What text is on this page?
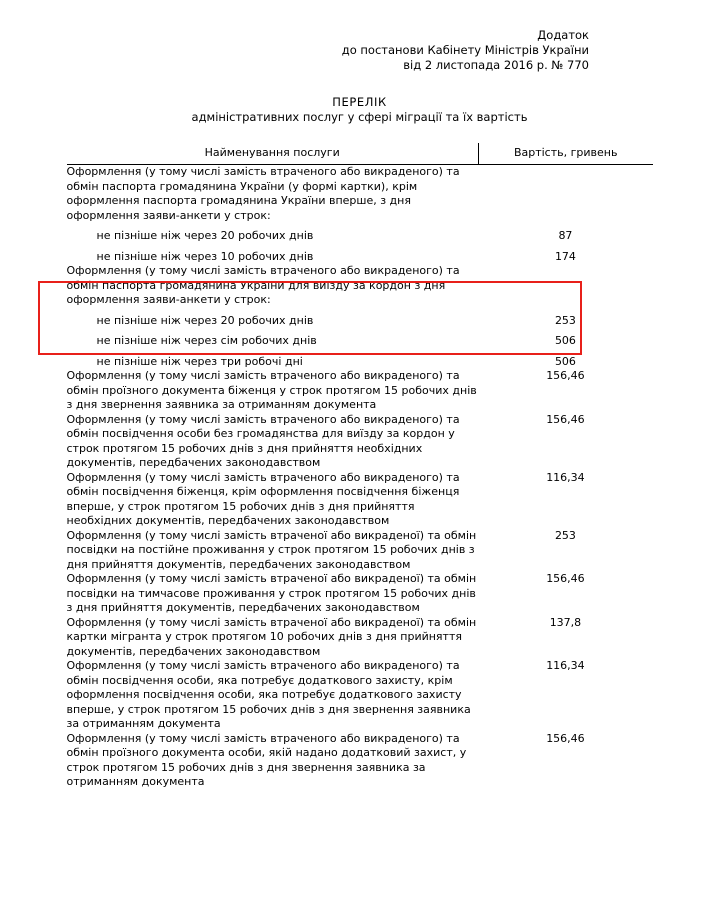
Додаток
до постанови Кабінету Міністрів України
від 2 листопада 2016 р. № 770
ПЕРЕЛІК
адміністративних послуг у сфері міграції та їх вартість
Найменування послуги	Вартість, гривень
Оформлення (у тому числі замість втраченого або викраденого) та обмін паспорта громадянина України (у формі картки), крім оформлення паспорта громадянина України вперше, з дня оформлення заяви-анкети у строк:	
не пізніше ніж через 20 робочих днів	87
не пізніше ніж через 10 робочих днів	174
Оформлення (у тому числі замість втраченого або викраденого) та обмін паспорта громадянина України для виїзду за кордон з дня оформлення заяви-анкети у строк:	
не пізніше ніж через 20 робочих днів	253
не пізніше ніж через сім робочих днів	506
не пізніше ніж через три робочі дні	506
Оформлення (у тому числі замість втраченого або викраденого) та обмін проїзного документа біженця у строк протягом 15 робочих днів з дня звернення заявника за отриманням документа	156,46
Оформлення (у тому числі замість втраченого або викраденого) та обмін посвідчення особи без громадянства для виїзду за кордон у строк протягом 15 робочих днів з дня прийняття необхідних документів, передбачених законодавством	156,46
Оформлення (у тому числі замість втраченого або викраденого) та обмін посвідчення біженця, крім оформлення посвідчення біженця вперше, у строк протягом 15 робочих днів з дня прийняття необхідних документів, передбачених законодавством	116,34
Оформлення (у тому числі замість втраченої або викраденої) та обмін посвідки на постійне проживання у строк протягом 15 робочих днів з дня прийняття документів, передбачених законодавством	253
Оформлення (у тому числі замість втраченої або викраденої) та обмін посвідки на тимчасове проживання у строк протягом 15 робочих днів з дня прийняття документів, передбачених законодавством	156,46
Оформлення (у тому числі замість втраченої або викраденої) та обмін картки мігранта у строк протягом 10 робочих днів з дня прийняття документів, передбачених законодавством	137,8
Оформлення (у тому числі замість втраченого або викраденого) та обмін посвідчення особи, яка потребує додаткового захисту, крім оформлення посвідчення особи, яка потребує додаткового захисту вперше, у строк протягом 15 робочих днів з дня звернення заявника за отриманням документа	116,34
Оформлення (у тому числі замість втраченого або викраденого) та обмін проїзного документа особи, якій надано додатковий захист, у строк протягом 15 робочих днів з дня звернення заявника за отриманням документа	156,46
